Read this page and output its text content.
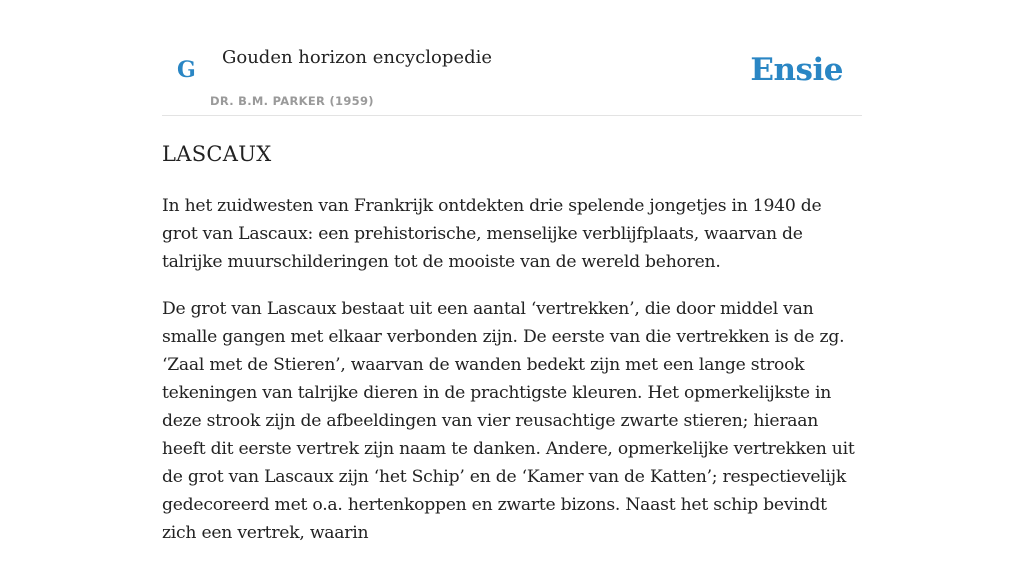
G Gouden horizon encyclopedie
DR. B.M. PARKER (1959)
Ensie
LASCAUX

In het zuidwesten van Frankrijk ontdekten drie spelende jongetjes in 1940 de grot van Lascaux: een prehistorische, menselijke verblijfplaats, waarvan de talrijke muurschilderingen tot de mooiste van de wereld behoren.

De grot van Lascaux bestaat uit een aantal ‘vertrekken’, die door middel van smalle gangen met elkaar verbonden zijn. De eerste van die vertrekken is de zg. ‘Zaal met de Stieren’, waarvan de wanden bedekt zijn met een lange strook tekeningen van talrijke dieren in de prachtigste kleuren. Het opmerkelijkste in deze strook zijn de afbeeldingen van vier reusachtige zwarte stieren; hieraan heeft dit eerste vertrek zijn naam te danken. Andere, opmerkelijke vertrekken uit de grot van Lascaux zijn ‘het Schip’ en de ‘Kamer van de Katten’; respectievelijk gedecoreerd met o.a. hertenkoppen en zwarte bizons. Naast het schip bevindt zich een vertrek, waarin
